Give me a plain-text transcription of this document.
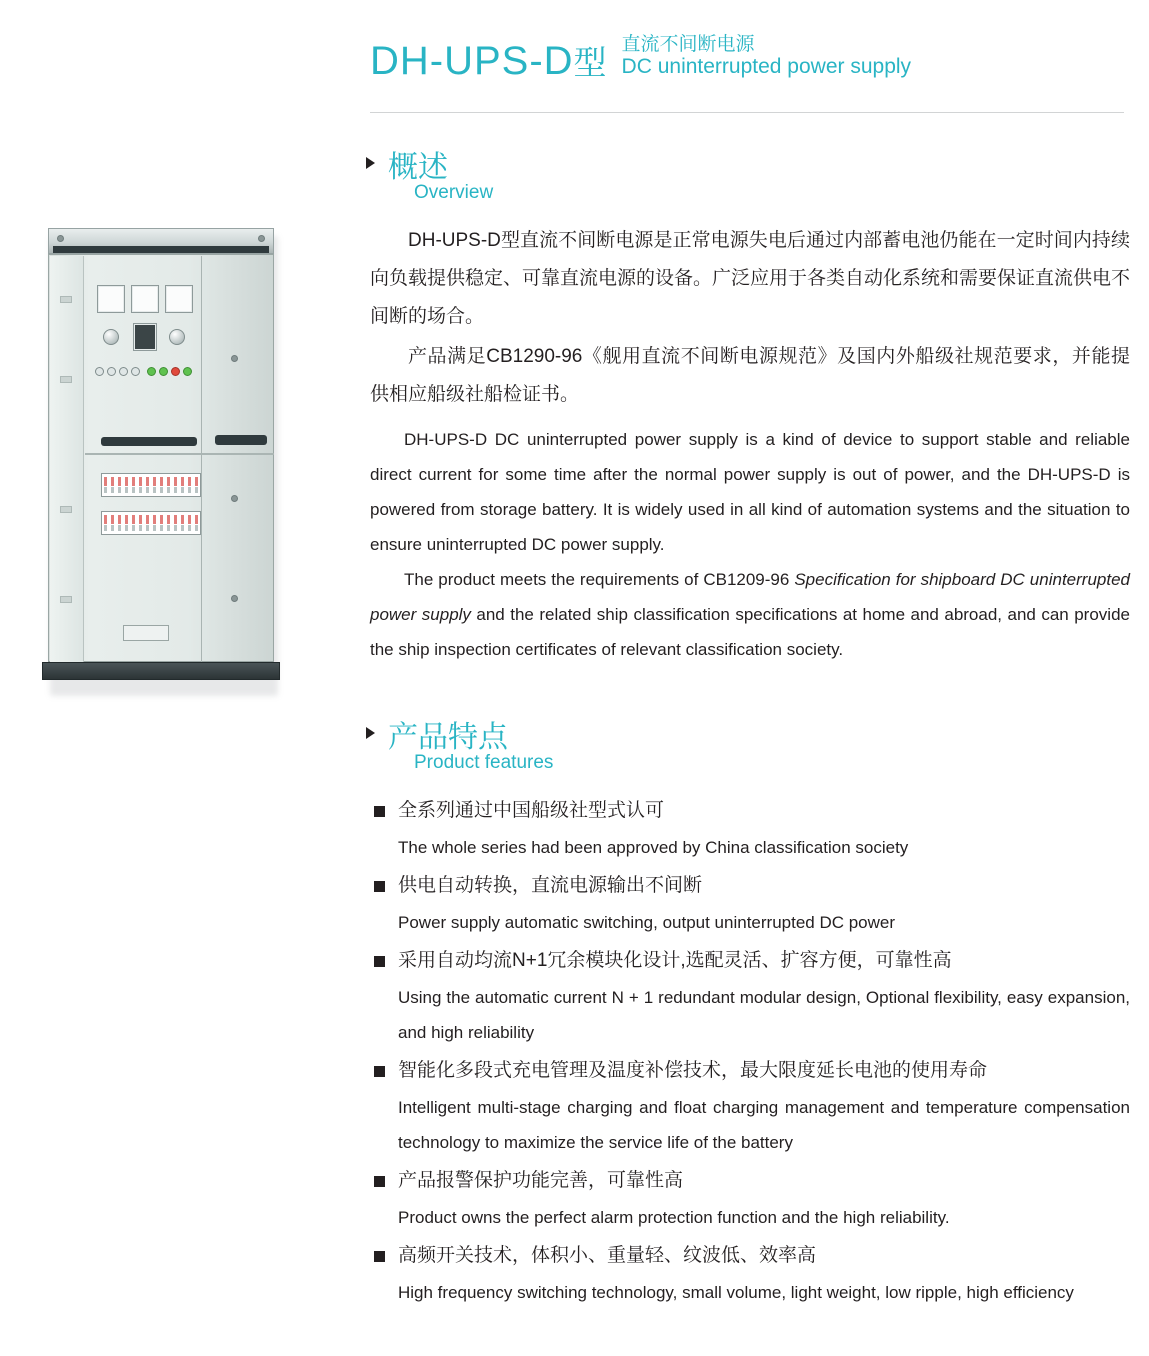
DH-UPS-D型 直流不间断电源
DC uninterrupted power supply
概述
Overview

DH-UPS-D型直流不间断电源是正常电源失电后通过内部蓄电池仍能在一定时间内持续向负载提供稳定、可靠直流电源的设备。广泛应用于各类自动化系统和需要保证直流供电不间断的场合。

产品满足CB1290-96《舰用直流不间断电源规范》及国内外船级社规范要求，并能提供相应船级社船检证书。

DH-UPS-D DC uninterrupted power supply is a kind of device to support stable and reliable direct current for some time after the normal power supply is out of power, and the DH-UPS-D is powered from storage battery. It is widely used in all kind of automation systems and the situation to ensure uninterrupted DC power supply.

The product meets the requirements of CB1209-96 Specification for shipboard DC uninterrupted power supply and the related ship classification specifications at home and abroad, and can provide the ship inspection certificates of relevant classification society.

产品特点
Product features
全系列通过中国船级社型式认可
The whole series had been approved by China classification society
供电自动转换，直流电源输出不间断
Power supply automatic switching, output uninterrupted DC power
采用自动均流N+1冗余模块化设计,选配灵活、扩容方便，可靠性高
Using the automatic current N + 1 redundant modular design, Optional flexibility, easy expansion, and high reliability
智能化多段式充电管理及温度补偿技术，最大限度延长电池的使用寿命
Intelligent multi-stage charging and float charging management and temperature compensation technology to maximize the service life of the battery
产品报警保护功能完善，可靠性高
Product owns the perfect alarm protection function and the high reliability.
高频开关技术，体积小、重量轻、纹波低、效率高
High frequency switching technology, small volume, light weight, low ripple, high efficiency
